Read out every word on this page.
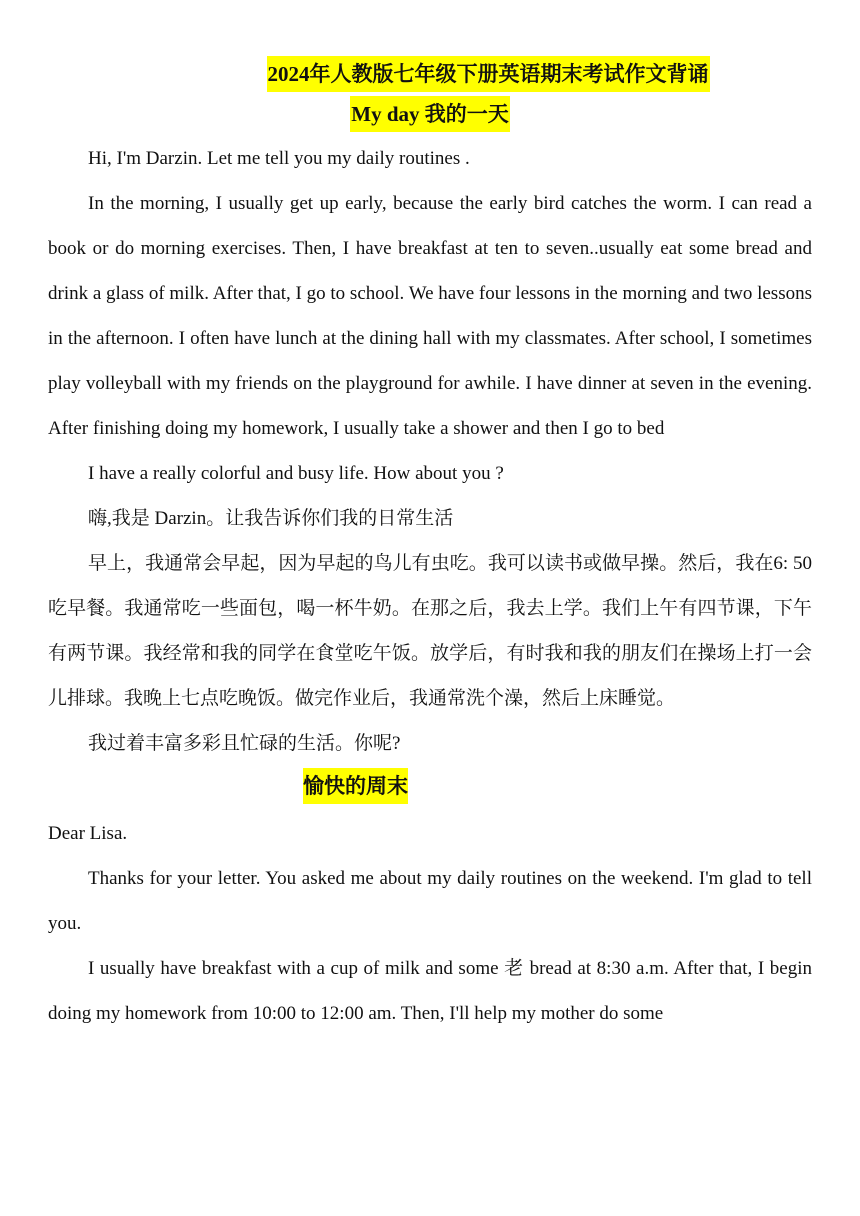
2024年人教版七年级下册英语期末考试作文背诵
My day 我的一天

Hi, I'm Darzin. Let me tell you my daily routines .

In the morning, I usually get up early, because the early bird catches the worm. I can read a book or do morning exercises. Then, I have breakfast at ten to seven..usually eat some bread and drink a glass of milk. After that, I go to school. We have four lessons in the morning and two lessons in the afternoon. I often have lunch at the dining hall with my classmates. After school, I sometimes play volleyball with my friends on the playground for awhile. I have dinner at seven in the evening. After finishing doing my homework, I usually take a shower and then I go to bed

I have a really colorful and busy life. How about you ?

嗨,我是 Darzin。让我告诉你们我的日常生活

早上，我通常会早起，因为早起的鸟儿有虫吃。我可以读书或做早操。然后，我在6: 50吃早餐。我通常吃一些面包，喝一杯牛奶。在那之后，我去上学。我们上午有四节课，下午有两节课。我经常和我的同学在食堂吃午饭。放学后，有时我和我的朋友们在操场上打一会儿排球。我晚上七点吃晚饭。做完作业后，我通常洗个澡，然后上床睡觉。

我过着丰富多彩且忙碌的生活。你呢?

愉快的周末

Dear Lisa.

Thanks for your letter. You asked me about my daily routines on the weekend. I'm glad to tell you.

I usually have breakfast with a cup of milk and some 老 bread at 8:30 a.m. After that, I begin doing my homework from 10:00 to 12:00 am. Then, I'll help my mother do some
